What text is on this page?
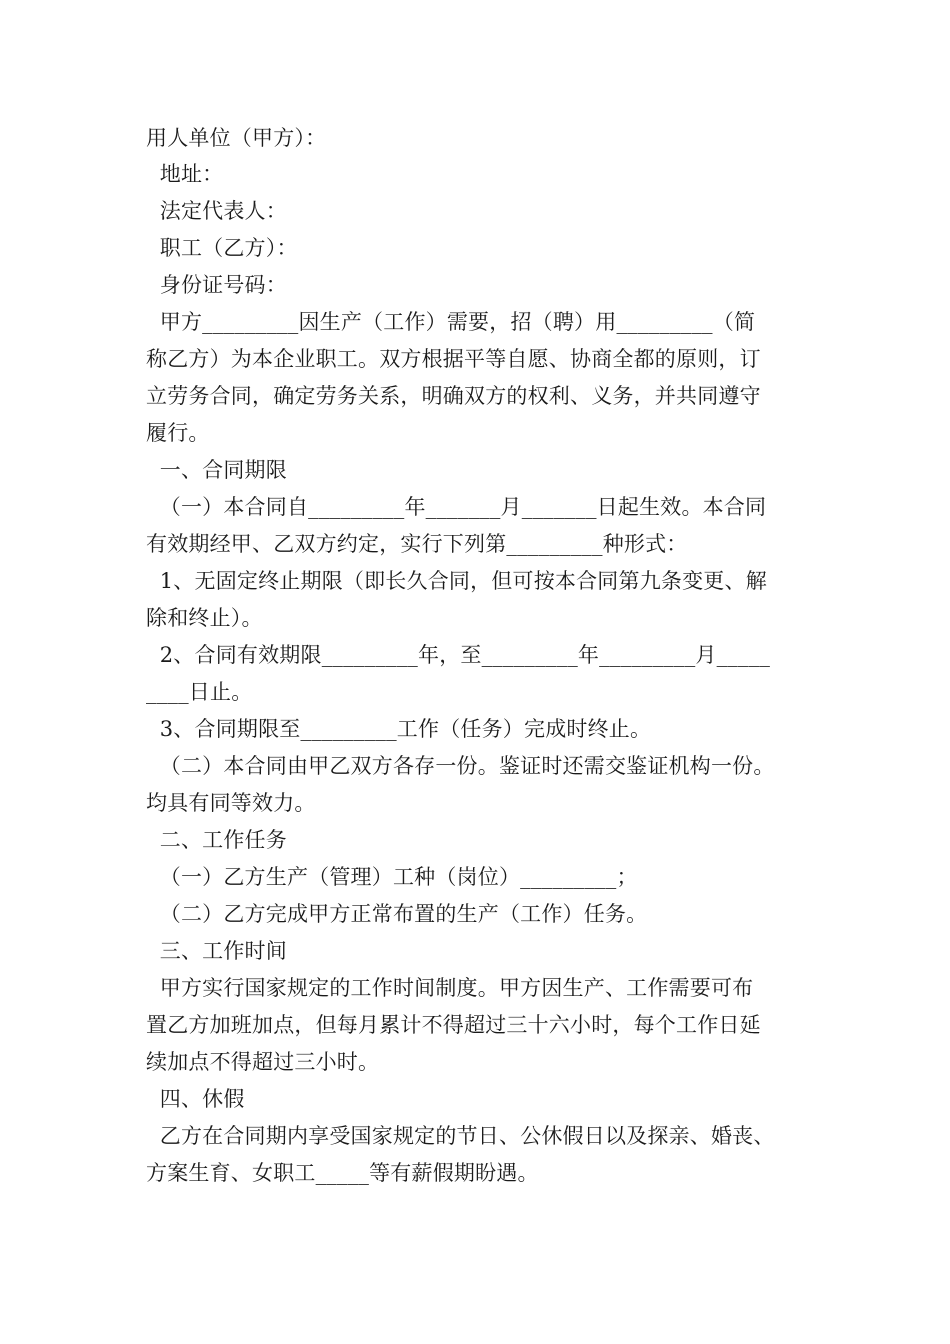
用人单位（甲方）：
地址：
法定代表人：
职工（乙方）：
身份证号码：
甲方_________因生产（工作）需要，招（聘）用_________（简
称乙方）为本企业职工。双方根据平等自愿、协商全都的原则，订
立劳务合同，确定劳务关系，明确双方的权利、义务，并共同遵守
履行。
一、合同期限
（一）本合同自_________年_______月_______日起生效。本合同
有效期经甲、乙双方约定，实行下列第_________种形式：
1、无固定终止期限（即长久合同，但可按本合同第九条变更、解
除和终止）。
2、合同有效期限_________年，至_________年_________月_____
____日止。
3、合同期限至_________工作（任务）完成时终止。
（二）本合同由甲乙双方各存一份。鉴证时还需交鉴证机构一份。
均具有同等效力。
二、工作任务
（一）乙方生产（管理）工种（岗位）_________；
（二）乙方完成甲方正常布置的生产（工作）任务。
三、工作时间
甲方实行国家规定的工作时间制度。甲方因生产、工作需要可布
置乙方加班加点，但每月累计不得超过三十六小时，每个工作日延
续加点不得超过三小时。
四、休假
乙方在合同期内享受国家规定的节日、公休假日以及探亲、婚丧、
方案生育、女职工_____等有薪假期盼遇。
